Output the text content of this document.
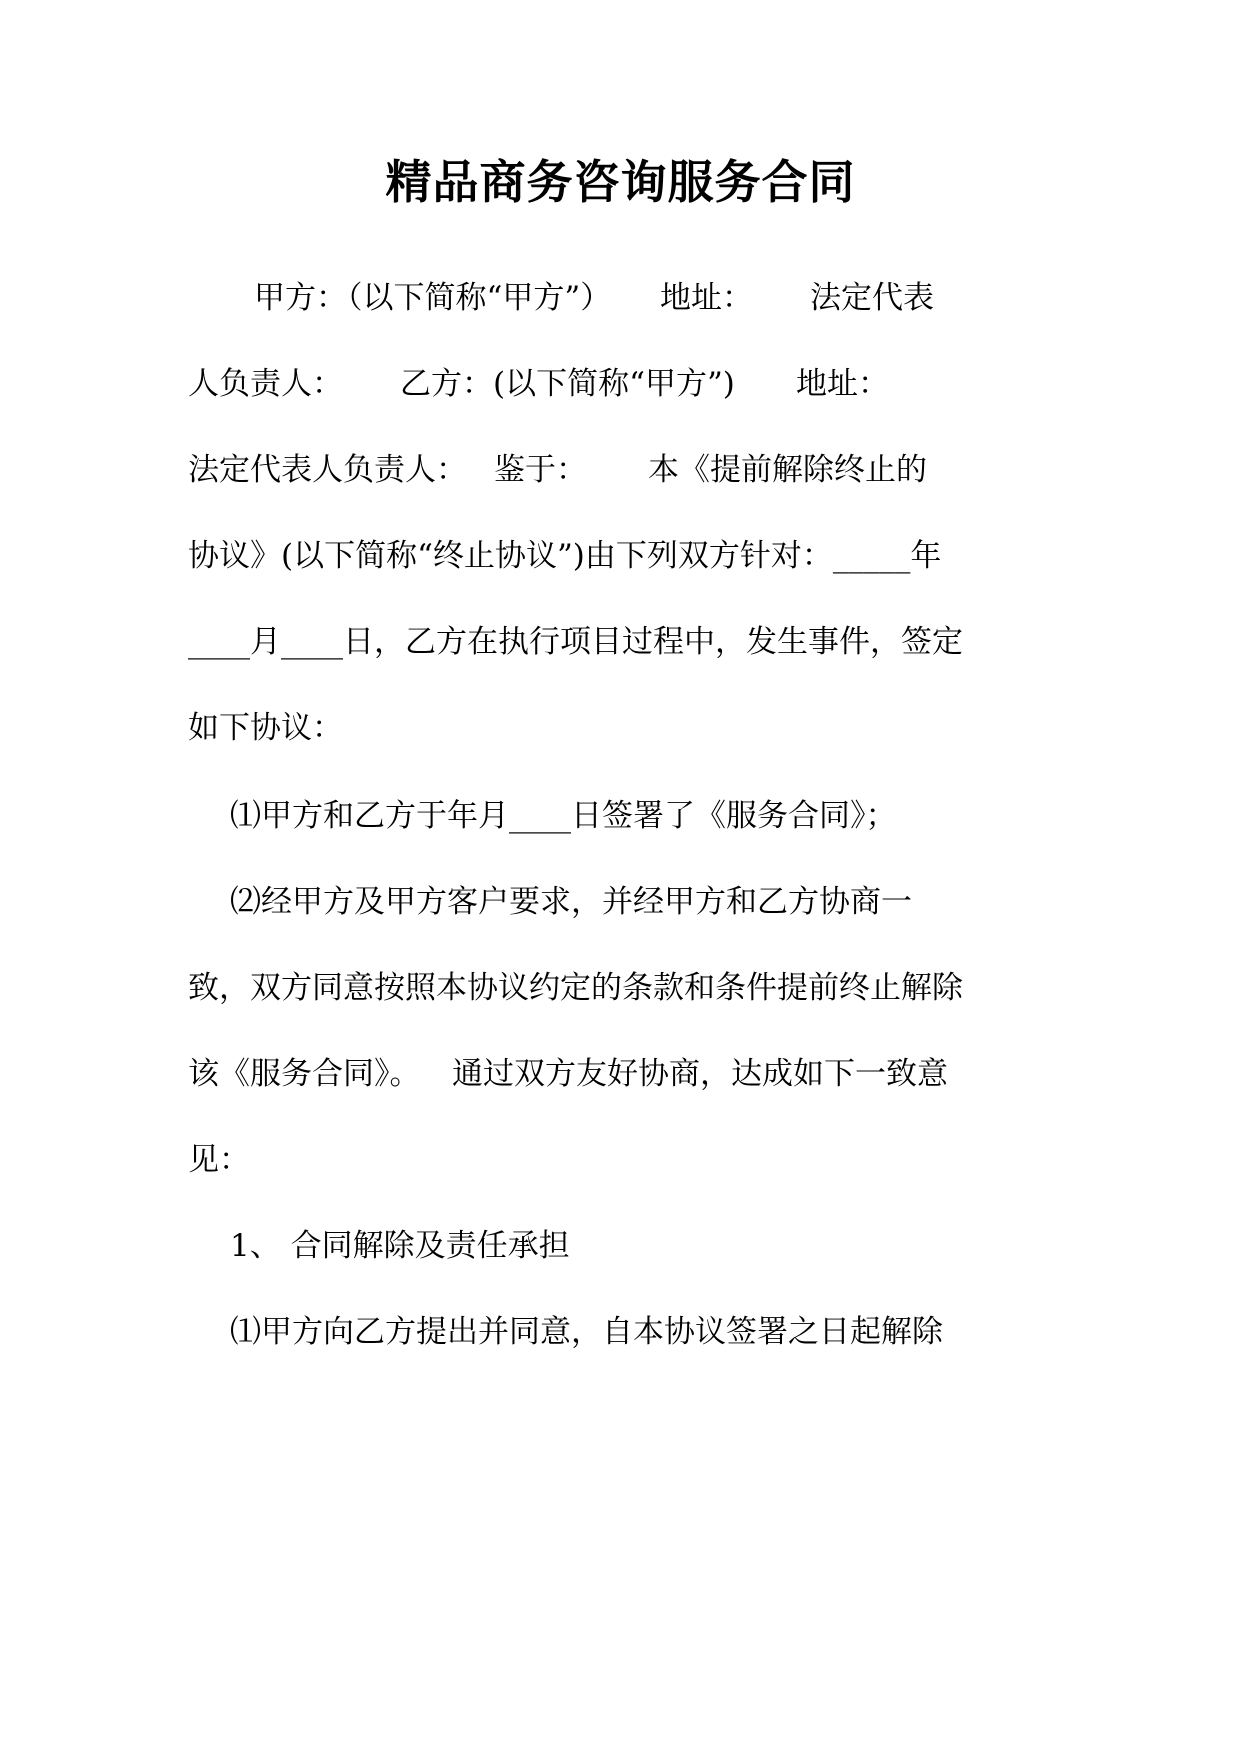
精品商务咨询服务合同
甲方：（以下简称“甲方”） 地址： 法定代表
人负责人： 乙方：(以下简称“甲方”) 地址：
法定代表人负责人： 鉴于： 本《提前解除终止的
协议》(以下简称“终止协议”)由下列双方针对：_____年
____月____日，乙方在执行项目过程中，发生事件，签定
如下协议：
⑴甲方和乙方于年月____日签署了《服务合同》；
⑵经甲方及甲方客户要求，并经甲方和乙方协商一
致，双方同意按照本协议约定的条款和条件提前终止解除
该《服务合同》。 通过双方友好协商，达成如下一致意
见：
1、 合同解除及责任承担
⑴甲方向乙方提出并同意，自本协议签署之日起解除
